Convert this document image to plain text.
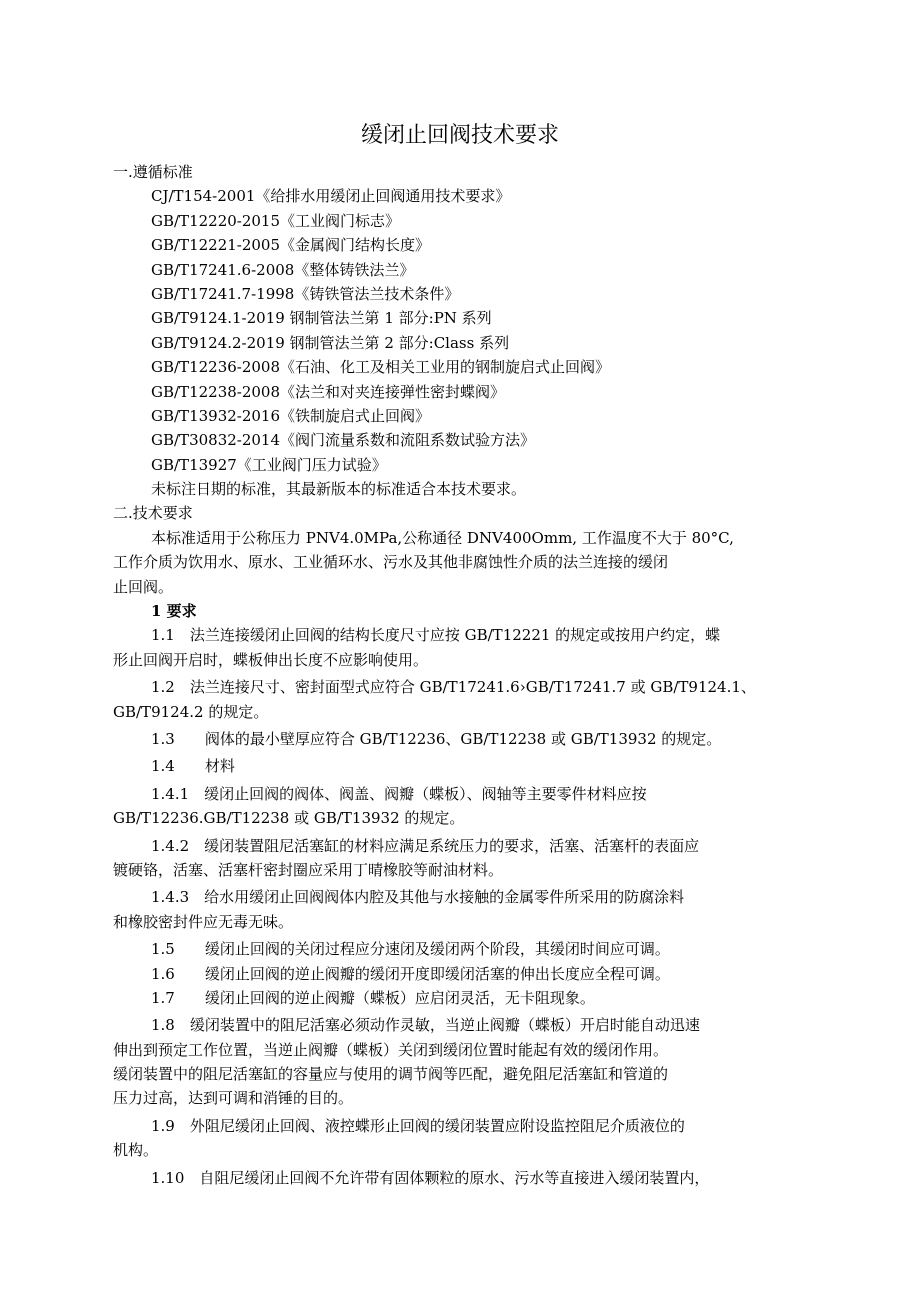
缓闭止回阀技术要求
一.遵循标准
CJ/T154-2001《给排水用缓闭止回阀通用技术要求》
GB/T12220-2015《工业阀门标志》
GB/T12221-2005《金属阀门结构长度》
GB/T17241.6-2008《整体铸铁法兰》
GB/T17241.7-1998《铸铁管法兰技术条件》
GB/T9124.1-2019 钢制管法兰第 1 部分:PN 系列
GB/T9124.2-2019 钢制管法兰第 2 部分:Class 系列
GB/T12236-2008《石油、化工及相关工业用的钢制旋启式止回阀》
GB/T12238-2008《法兰和对夹连接弹性密封蝶阀》
GB/T13932-2016《铁制旋启式止回阀》
GB/T30832-2014《阀门流量系数和流阻系数试验方法》
GB/T13927《工业阀门压力试验》
未标注日期的标准，其最新版本的标准适合本技术要求。
二.技术要求
本标准适用于公称压力 PNV4.0MPa,公称通径 DNV400Omm, 工作温度不大于 80°C,
工作介质为饮用水、原水、工业循环水、污水及其他非腐蚀性介质的法兰连接的缓闭
止回阀。
1 要求
1.1　法兰连接缓闭止回阀的结构长度尺寸应按 GB/T12221 的规定或按用户约定，蝶
形止回阀开启时，蝶板伸出长度不应影响使用。
1.2　法兰连接尺寸、密封面型式应符合 GB/T17241.6›GB/T17241.7 或 GB/T9124.1、
GB/T9124.2 的规定。
1.3　　阀体的最小壁厚应符合 GB/T12236、GB/T12238 或 GB/T13932 的规定。
1.4　　材料
1.4.1　缓闭止回阀的阀体、阀盖、阀瓣（蝶板）、阀轴等主要零件材料应按
GB/T12236.GB/T12238 或 GB/T13932 的规定。
1.4.2　缓闭装置阻尼活塞缸的材料应满足系统压力的要求，活塞、活塞杆的表面应
镀硬铬，活塞、活塞杆密封圈应采用丁晴橡胶等耐油材料。
1.4.3　给水用缓闭止回阀阀体内腔及其他与水接触的金属零件所采用的防腐涂料
和橡胶密封件应无毒无味。
1.5　　缓闭止回阀的关闭过程应分速闭及缓闭两个阶段，其缓闭时间应可调。
1.6　　缓闭止回阀的逆止阀瓣的缓闭开度即缓闭活塞的伸出长度应全程可调。
1.7　　缓闭止回阀的逆止阀瓣（蝶板）应启闭灵活，无卡阻现象。
1.8　缓闭装置中的阻尼活塞必须动作灵敏，当逆止阀瓣（蝶板）开启时能自动迅速
伸出到预定工作位置，当逆止阀瓣（蝶板）关闭到缓闭位置时能起有效的缓闭作用。
缓闭装置中的阻尼活塞缸的容量应与使用的调节阀等匹配，避免阻尼活塞缸和管道的
压力过高，达到可调和消锤的目的。
1.9　外阻尼缓闭止回阀、液控蝶形止回阀的缓闭装置应附设监控阻尼介质液位的
机构。
1.10　自阻尼缓闭止回阀不允许带有固体颗粒的原水、污水等直接进入缓闭装置内，
